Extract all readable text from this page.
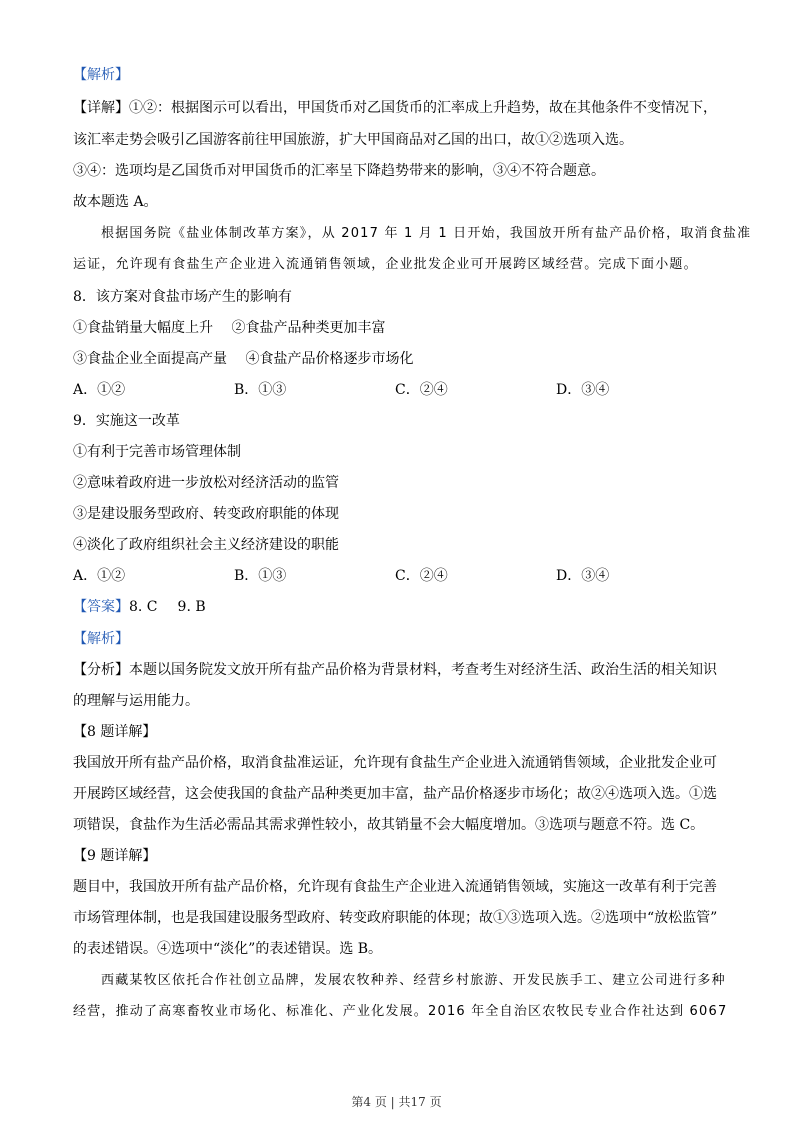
【解析】
【详解】①②：根据图示可以看出，甲国货币对乙国货币的汇率成上升趋势，故在其他条件不变情况下，
该汇率走势会吸引乙国游客前往甲国旅游，扩大甲国商品对乙国的出口，故①②选项入选。
③④：选项均是乙国货币对甲国货币的汇率呈下降趋势带来的影响，③④不符合题意。
故本题选 A。
根据国务院《盐业体制改革方案》，从 2017 年 1 月 1 日开始，我国放开所有盐产品价格，取消食盐准
运证，允许现有食盐生产企业进入流通销售领域，企业批发企业可开展跨区域经营。完成下面小题。
8．该方案对食盐市场产生的影响有
①食盐销量大幅度上升 　②食盐产品种类更加丰富
③食盐企业全面提高产量 　④食盐产品价格逐步市场化
A．①②	B．①③	C．②④	D．③④
9．实施这一改革
①有利于完善市场管理体制
②意味着政府进一步放松对经济活动的监管
③是建设服务型政府、转变政府职能的体现
④淡化了政府组织社会主义经济建设的职能
A．①②	B．①③	C．②④	D．③④
【答案】8. C 9. B
【解析】
【分析】本题以国务院发文放开所有盐产品价格为背景材料，考查考生对经济生活、政治生活的相关知识
的理解与运用能力。
【8 题详解】
我国放开所有盐产品价格，取消食盐准运证，允许现有食盐生产企业进入流通销售领域，企业批发企业可
开展跨区域经营，这会使我国的食盐产品种类更加丰富，盐产品价格逐步市场化；故②④选项入选。①选
项错误，食盐作为生活必需品其需求弹性较小，故其销量不会大幅度增加。③选项与题意不符。选 C。
【9 题详解】
题目中，我国放开所有盐产品价格，允许现有食盐生产企业进入流通销售领域，实施这一改革有利于完善
市场管理体制，也是我国建设服务型政府、转变政府职能的体现；故①③选项入选。②选项中“放松监管”
的表述错误。④选项中“淡化”的表述错误。选 B。
西藏某牧区依托合作社创立品牌，发展农牧种养、经营乡村旅游、开发民族手工、建立公司进行多种
经营，推动了高寒畜牧业市场化、标准化、产业化发展。2016 年全自治区农牧民专业合作社达到 6067
第4 页 | 共17 页
